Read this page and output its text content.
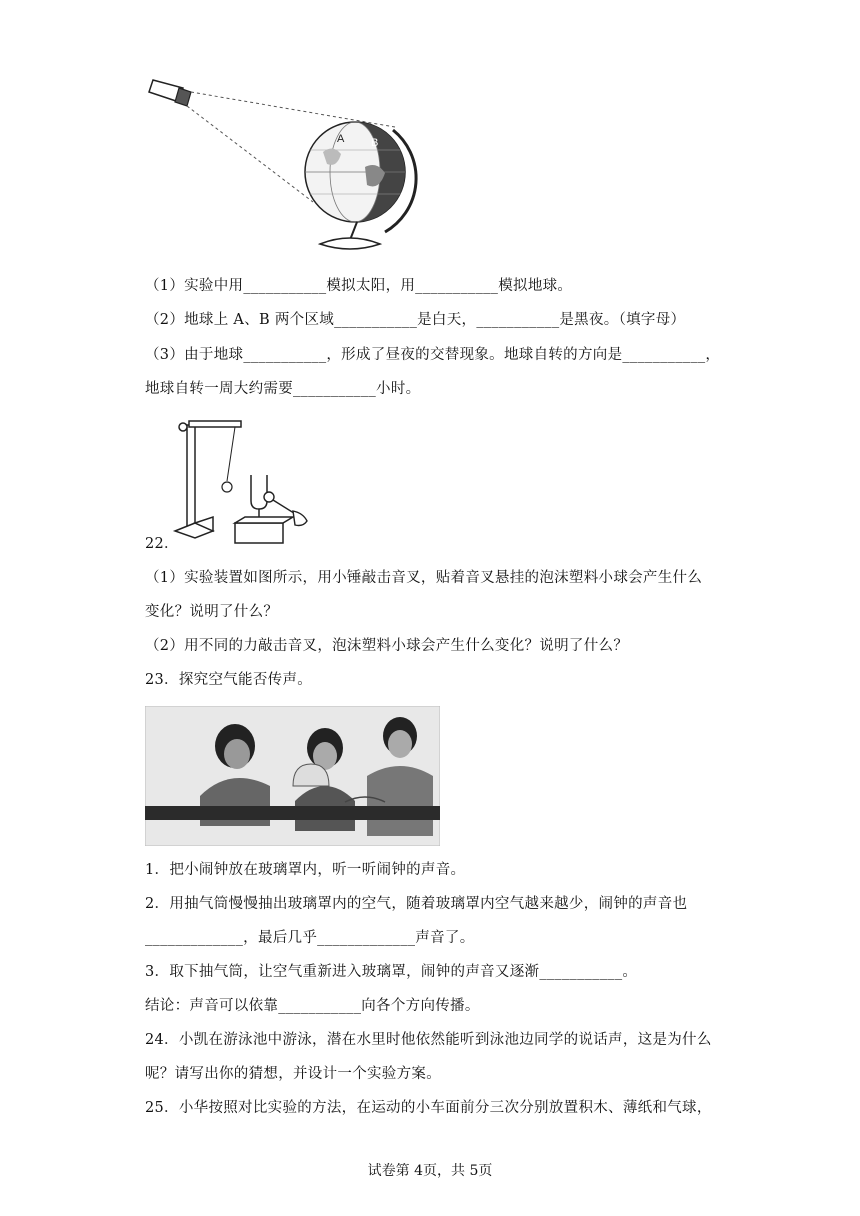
A B
（1）实验中用___________模拟太阳，用___________模拟地球。
（2）地球上 A、B 两个区域___________是白天，___________是黑夜。（填字母）
（3）由于地球___________，形成了昼夜的交替现象。地球自转的方向是___________，
地球自转一周大约需要___________小时。
22．
（1）实验装置如图所示，用小锤敲击音叉，贴着音叉悬挂的泡沫塑料小球会产生什么
变化？说明了什么？
（2）用不同的力敲击音叉，泡沫塑料小球会产生什么变化？说明了什么？
23．探究空气能否传声。
1．把小闹钟放在玻璃罩内，听一听闹钟的声音。
2．用抽气筒慢慢抽出玻璃罩内的空气，随着玻璃罩内空气越来越少，闹钟的声音也
_____________，最后几乎_____________声音了。
3．取下抽气筒，让空气重新进入玻璃罩，闹钟的声音又逐渐___________。
结论：声音可以依靠___________向各个方向传播。
24．小凯在游泳池中游泳，潜在水里时他依然能听到泳池边同学的说话声，这是为什么
呢？请写出你的猜想，并设计一个实验方案。
25．小华按照对比实验的方法，在运动的小车面前分三次分别放置积木、薄纸和气球，
试卷第 4页，共 5页
